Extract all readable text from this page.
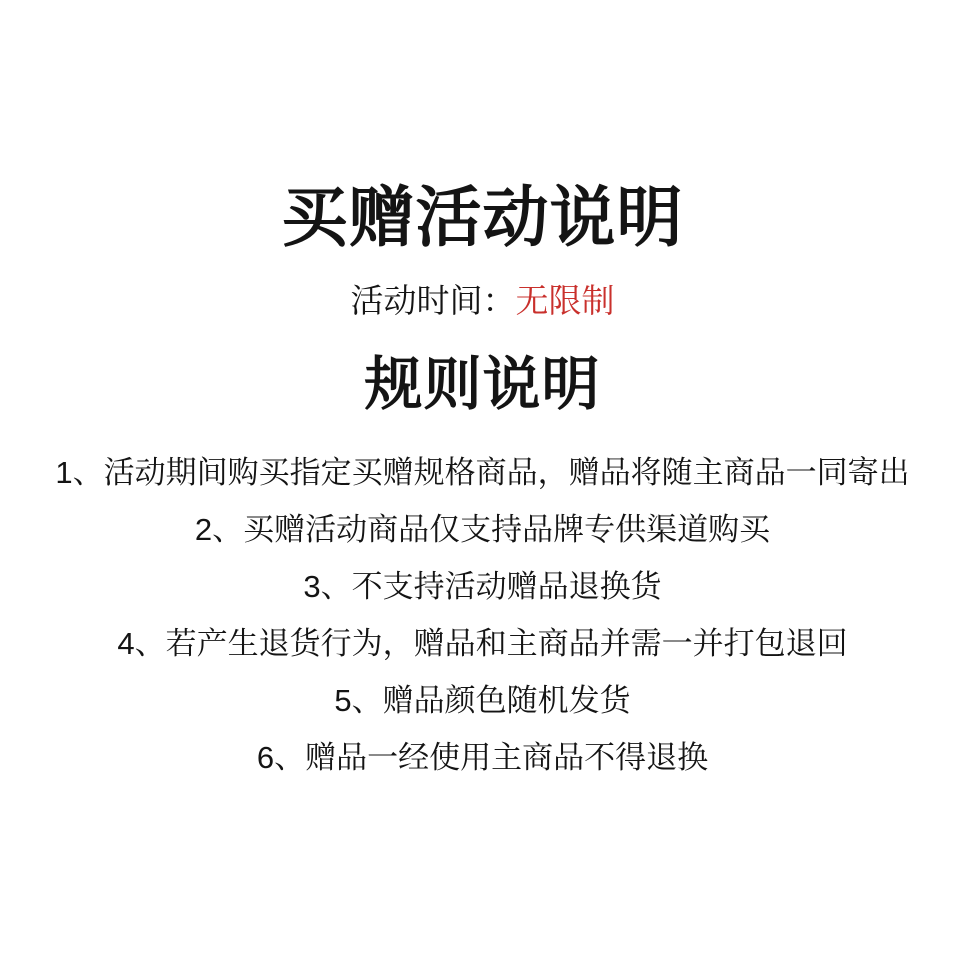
买赠活动说明

活动时间：无限制

规则说明

1、活动期间购买指定买赠规格商品，赠品将随主商品一同寄出

2、买赠活动商品仅支持品牌专供渠道购买

3、不支持活动赠品退换货

4、若产生退货行为，赠品和主商品并需一并打包退回

5、赠品颜色随机发货

6、赠品一经使用主商品不得退换
